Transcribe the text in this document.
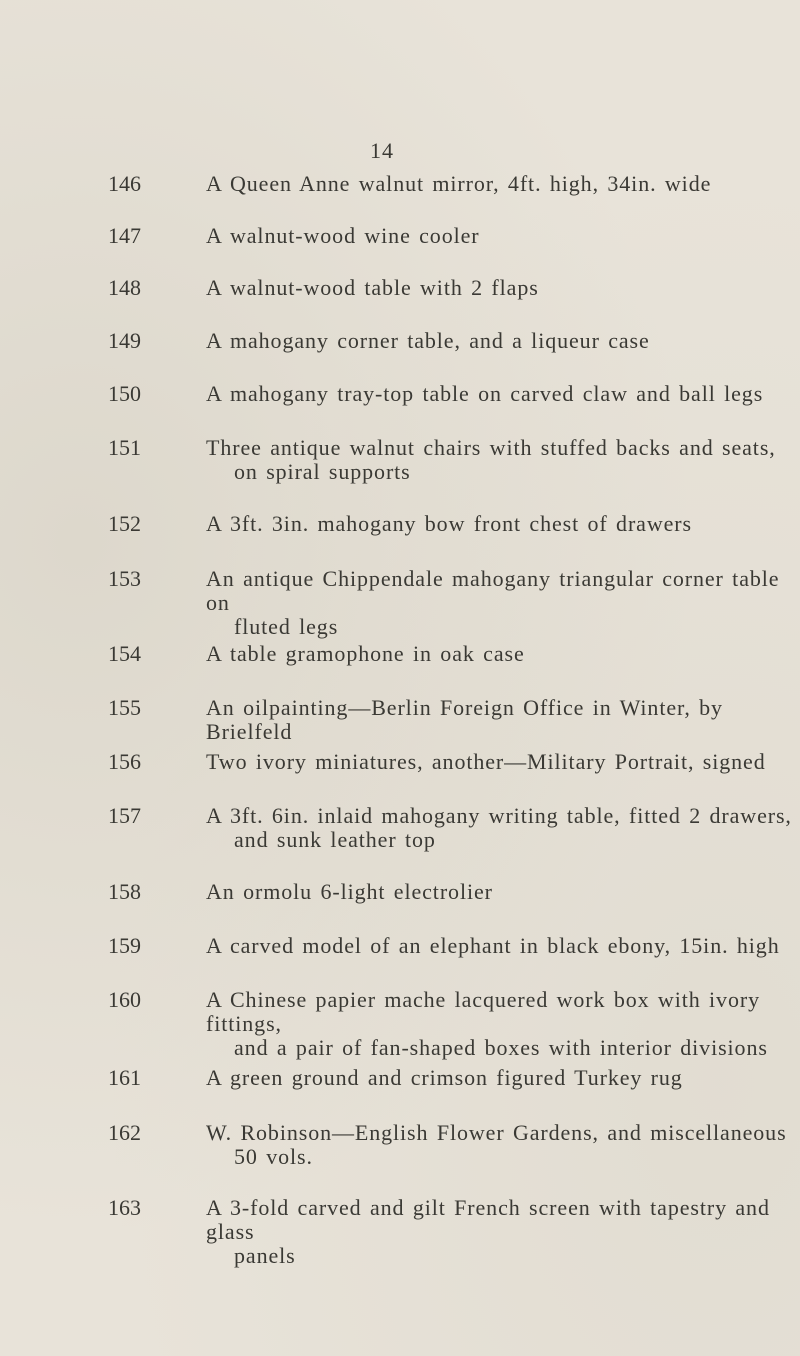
14
146	A Queen Anne walnut mirror, 4ft. high, 34in. wide
147	A walnut-wood wine cooler
148	A walnut-wood table with 2 flaps
149	A mahogany corner table, and a liqueur case
150	A mahogany tray-top table on carved claw and ball legs
151	Three antique walnut chairs with stuffed backs and seats,
on spiral supports
152	A 3ft. 3in. mahogany bow front chest of drawers
153	An antique Chippendale mahogany triangular corner table on
fluted legs
154	A table gramophone in oak case
155	An oilpainting—Berlin Foreign Office in Winter, by Brielfeld
156	Two ivory miniatures, another—Military Portrait, signed
157	A 3ft. 6in. inlaid mahogany writing table, fitted 2 drawers,
and sunk leather top
158	An ormolu 6-light electrolier
159	A carved model of an elephant in black ebony, 15in. high
160	A Chinese papier mache lacquered work box with ivory fittings,
and a pair of fan-shaped boxes with interior divisions
161	A green ground and crimson figured Turkey rug
162	W. Robinson—English Flower Gardens, and miscellaneous
50 vols.
163	A 3-fold carved and gilt French screen with tapestry and glass
panels
